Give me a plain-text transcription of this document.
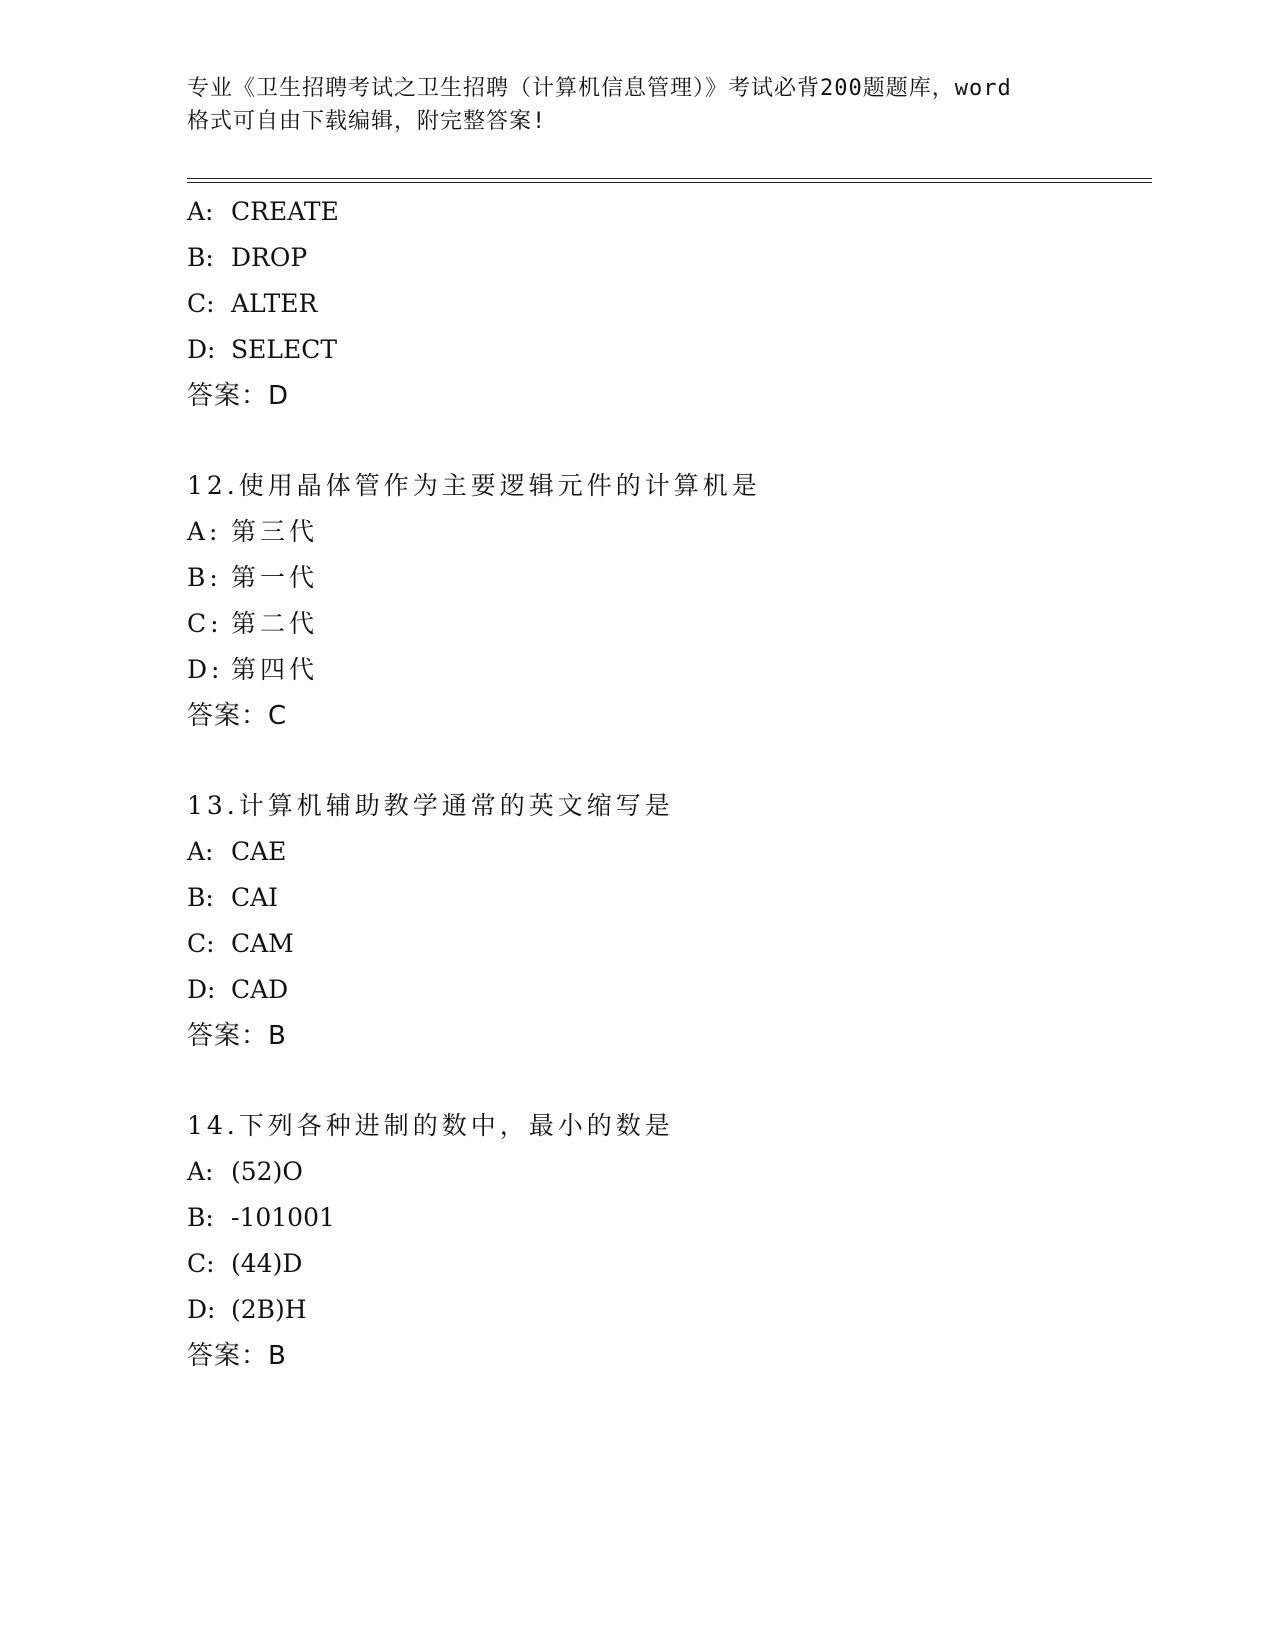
专业《卫生招聘考试之卫生招聘（计算机信息管理）》考试必背200题题库，word
格式可自由下载编辑，附完整答案!
A: CREATE
B: DROP
C: ALTER
D: SELECT
答案：D
12.使用晶体管作为主要逻辑元件的计算机是
A: 第三代
B: 第一代
C: 第二代
D: 第四代
答案：C
13.计算机辅助教学通常的英文缩写是
A: CAE
B: CAI
C: CAM
D: CAD
答案：B
14.下列各种进制的数中，最小的数是
A: (52)O
B: -101001
C: (44)D
D: (2B)H
答案：B
